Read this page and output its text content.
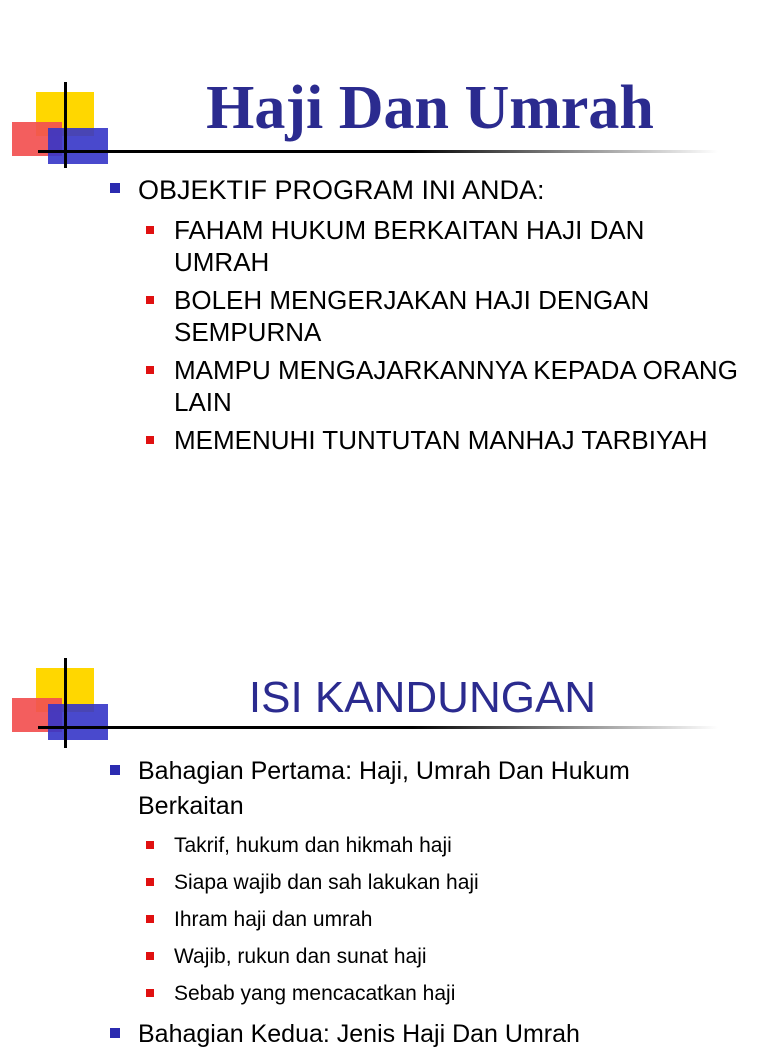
Haji Dan Umrah
OBJEKTIF PROGRAM INI ANDA:
FAHAM HUKUM BERKAITAN HAJI DAN UMRAH
BOLEH MENGERJAKAN HAJI DENGAN SEMPURNA
MAMPU MENGAJARKANNYA KEPADA ORANG LAIN
MEMENUHI TUNTUTAN MANHAJ TARBIYAH
ISI KANDUNGAN
Bahagian Pertama: Haji, Umrah Dan Hukum Berkaitan
Takrif, hukum dan hikmah haji
Siapa wajib dan sah lakukan haji
Ihram haji dan umrah
Wajib, rukun dan sunat haji
Sebab yang mencacatkan haji
Bahagian Kedua: Jenis Haji Dan Umrah
